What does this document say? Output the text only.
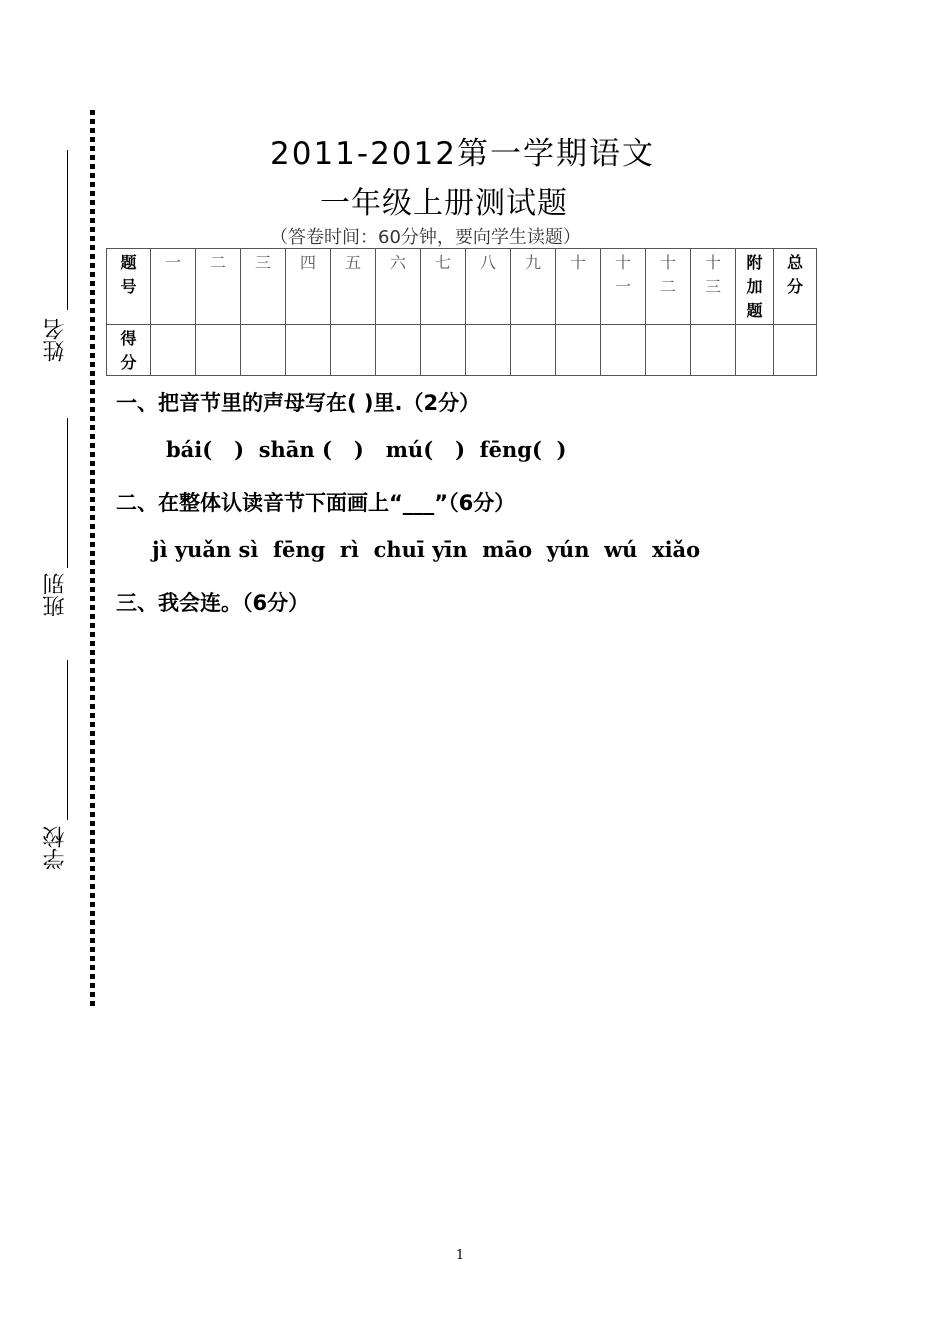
姓名
班别
学校
2011-2012第一学期语文
一年级上册测试题
（答卷时间：60分钟，要向学生读题）
题号	一	二	三	四	五	六	七	八	九	十	十一	十二	十三	附加题	总分

得分															

一、把音节里的声母写在( )里.（2分）
bái(   )  shān (   )   mú(   )  fēng(  )
二、在整体认读音节下面画上“___”（6分）
jì yuǎn sì  fēng  rì  chuī yīn  māo  yún  wú  xiǎo
三、我会连。（6分）
1
